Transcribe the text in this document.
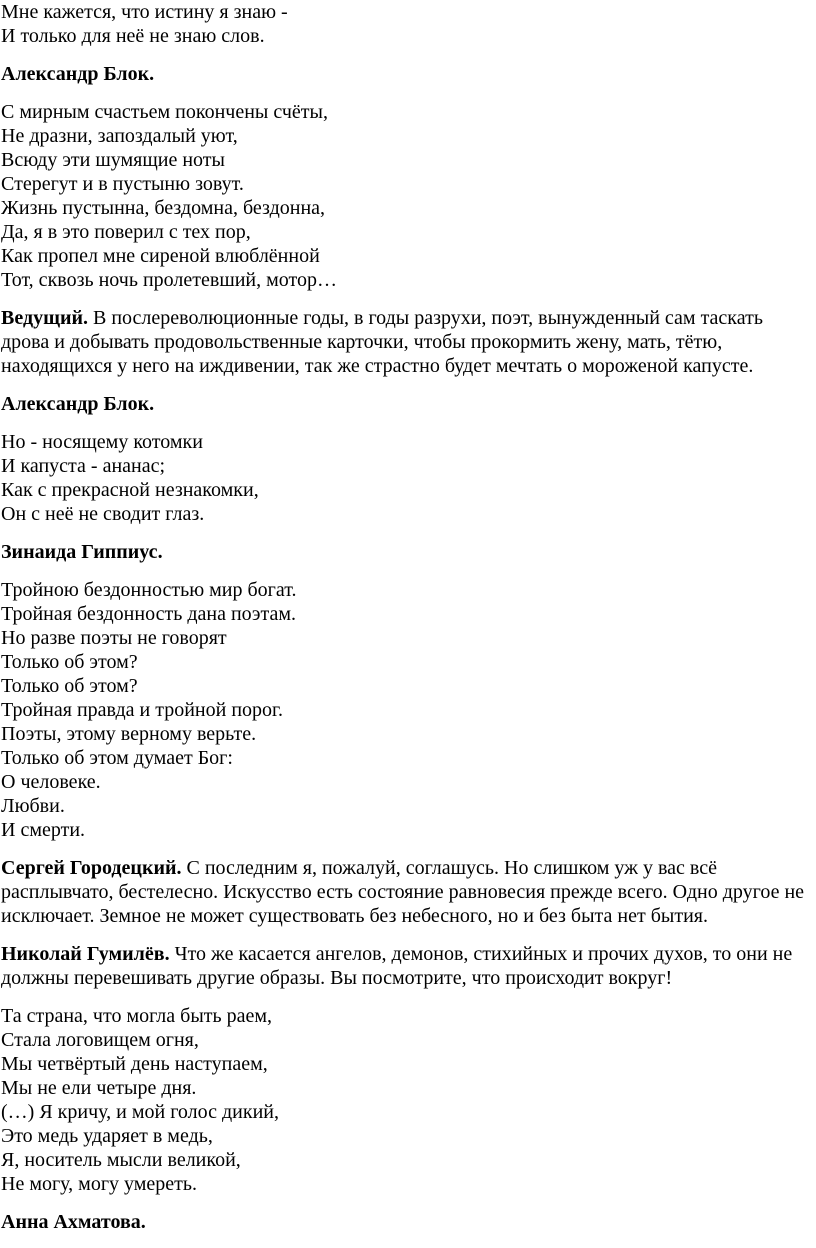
Мне кажется, что истину я знаю -
И только для неё не знаю слов.
Александр Блок.
С мирным счастьем покончены счёты,
Не дразни, запоздалый уют,
Всюду эти шумящие ноты
Стерегут и в пустыню зовут.
Жизнь пустынна, бездомна, бездонна,
Да, я в это поверил с тех пор,
Как пропел мне сиреной влюблённой
Тот, сквозь ночь пролетевший, мотор…
Ведущий. В послереволюционные годы, в годы разрухи, поэт, вынужденный сам таскать дрова и добывать продовольственные карточки, чтобы прокормить жену, мать, тётю, находящихся у него на иждивении, так же страстно будет мечтать о мороженой капусте.
Александр Блок.
Но - носящему котомки
И капуста - ананас;
Как с прекрасной незнакомки,
Он с неё не сводит глаз.
Зинаида Гиппиус.
Тройною бездонностью мир богат.
Тройная бездонность дана поэтам.
Но разве поэты не говорят
Только об этом?
Только об этом?
Тройная правда и тройной порог.
Поэты, этому верному верьте.
Только об этом думает Бог:
О человеке.
Любви.
И смерти.
Сергей Городецкий. С последним я, пожалуй, соглашусь. Но слишком уж у вас всё расплывчато, бестелесно. Искусство есть состояние равновесия прежде всего. Одно другое не исключает. Земное не может существовать без небесного, но и без быта нет бытия.
Николай Гумилёв. Что же касается ангелов, демонов, стихийных и прочих духов, то они не должны перевешивать другие образы. Вы посмотрите, что происходит вокруг!
Та страна, что могла быть раем,
Стала логовищем огня,
Мы четвёртый день наступаем,
Мы не ели четыре дня.
(…) Я кричу, и мой голос дикий,
Это медь ударяет в медь,
Я, носитель мысли великой,
Не могу, могу умереть.
Анна Ахматова.
